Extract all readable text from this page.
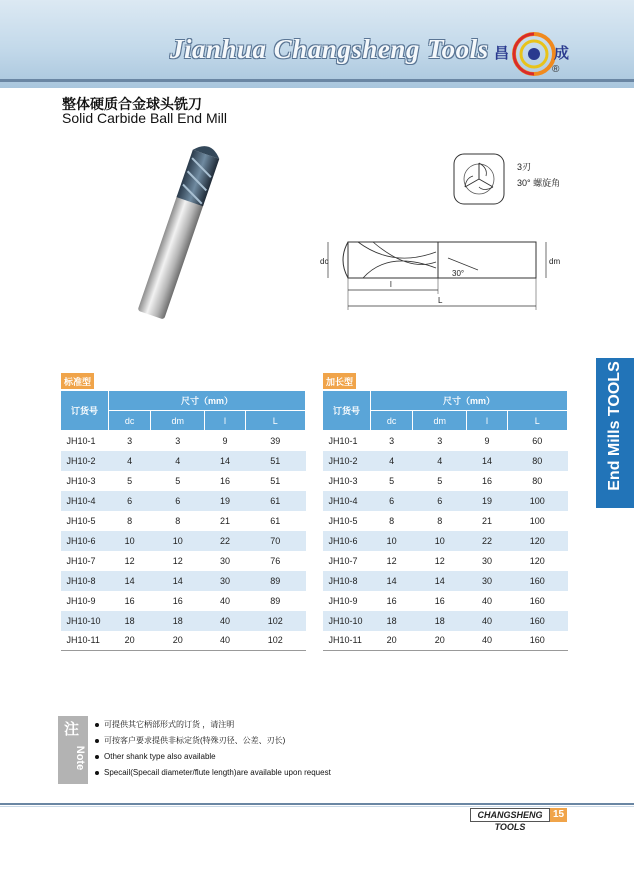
Jianhua Changsheng Tools 昌	成
®
整体硬质合金球头铣刀
Solid Carbide Ball End Mill
3刃
30° 螺旋角
dc	dm
l
L
30°
标准型
订货号	尺寸（mm）			
	dc	dm	l	L
JH10-1	3	3	9	39
JH10-2	4	4	14	51
JH10-3	5	5	16	51
JH10-4	6	6	19	61
JH10-5	8	8	21	61
JH10-6	10	10	22	70
JH10-7	12	12	30	76
JH10-8	14	14	30	89
JH10-9	16	16	40	89
JH10-10	18	18	40	102
JH10-11	20	20	40	102
加长型
订货号	尺寸（mm）			
	dc	dm	l	L
JH10-1	3	3	9	60
JH10-2	4	4	14	80
JH10-3	5	5	16	80
JH10-4	6	6	19	100
JH10-5	8	8	21	100
JH10-6	10	10	22	120
JH10-7	12	12	30	120
JH10-8	14	14	30	160
JH10-9	16	16	40	160
JH10-10	18	18	40	160
JH10-11	20	20	40	160
End Mills TOOLS
注
Note
可提供其它柄部形式的订货 ，请注明
可按客户要求提供非标定货(特殊刃径、公差、刃长)
Other shank type also available
Specail(Specail diameter/flute length)are available upon request
CHANGSHENG TOOLS
15
